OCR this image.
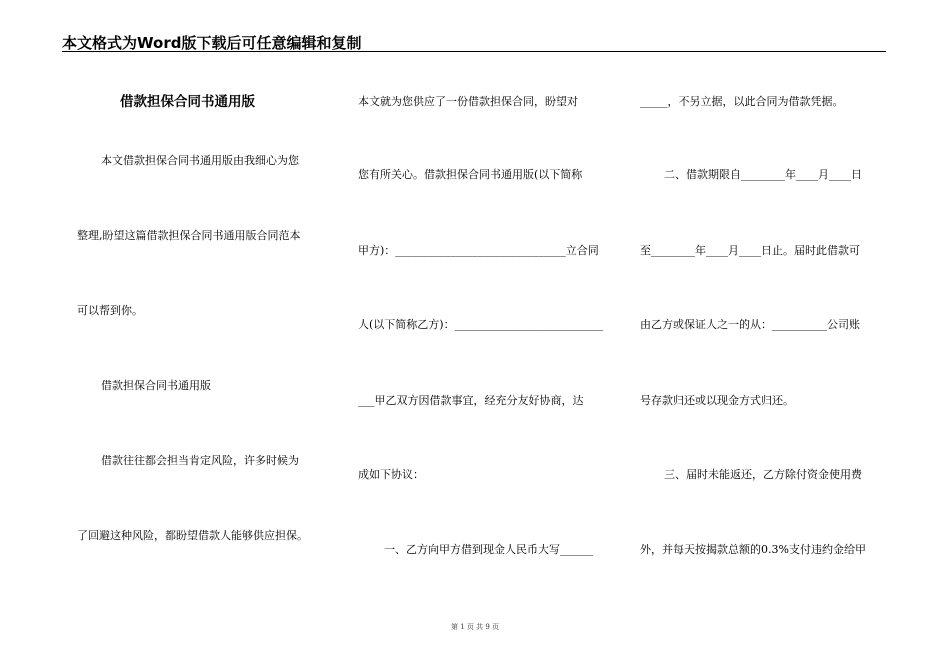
本文格式为Word版下载后可任意编辑和复制
借款担保合同书通用版
本文借款担保合同书通用版由我细心为您
整理,盼望这篇借款担保合同书通用版合同范本
可以帮到你。
借款担保合同书通用版
借款往往都会担当肯定风险，许多时候为
了回避这种风险，都盼望借款人能够供应担保。
本文就为您供应了一份借款担保合同，盼望对
您有所关心。借款担保合同书通用版(以下简称
甲方)：_______________________________立合同
人(以下简称乙方)：___________________________
___甲乙双方因借款事宜，经充分友好协商，达
成如下协议：
一、乙方向甲方借到现金人民币大写______
_____，不另立据，以此合同为借款凭据。
二、借款期限自________年____月____日
至________年____月____日止。届时此借款可
由乙方或保证人之一的从：__________公司账
号存款归还或以现金方式归还。
三、届时未能返还，乙方除付资金使用费
外，并每天按揭款总额的0.3%支付违约金给甲
第 1 页 共 9 页
